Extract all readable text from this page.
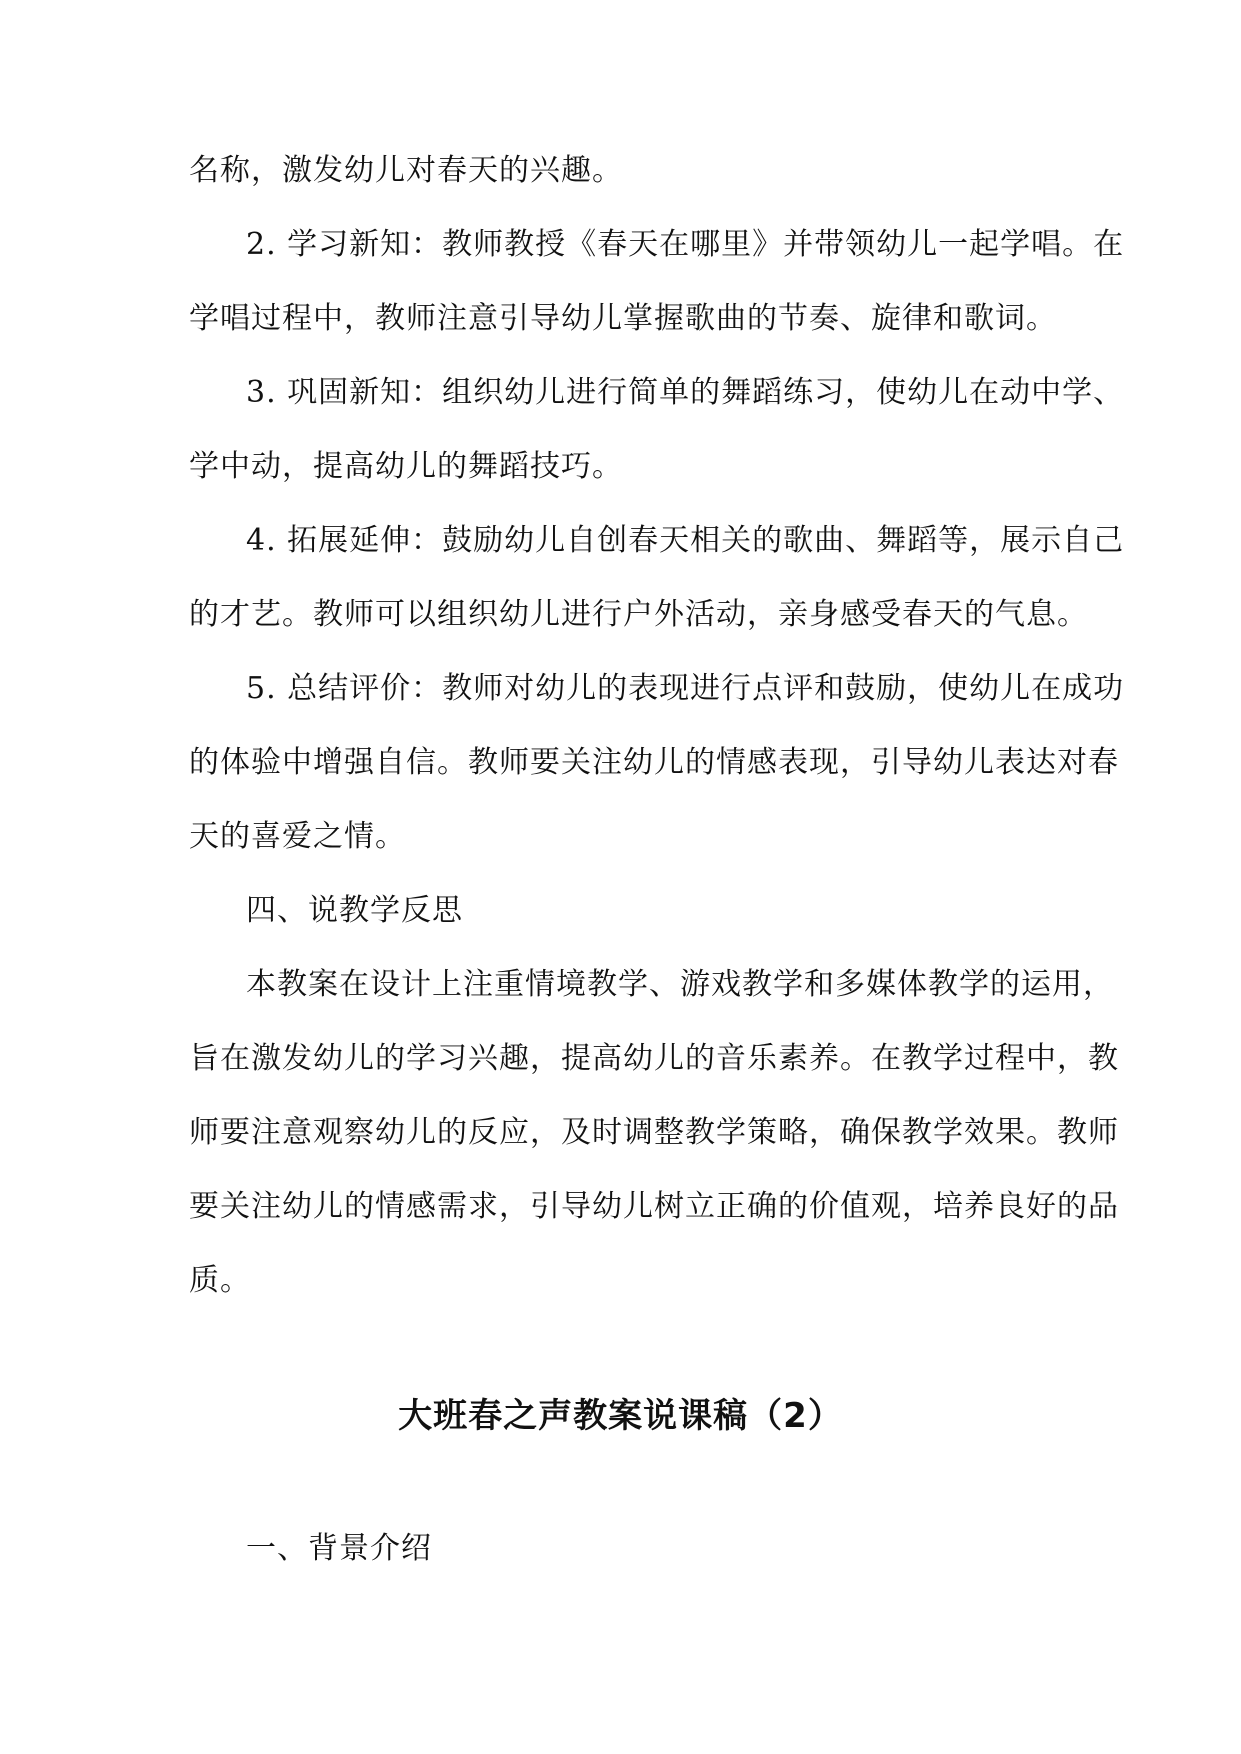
名称，激发幼儿对春天的兴趣。
2. 学习新知：教师教授《春天在哪里》并带领幼儿一起学唱。在
学唱过程中，教师注意引导幼儿掌握歌曲的节奏、旋律和歌词。
3. 巩固新知：组织幼儿进行简单的舞蹈练习，使幼儿在动中学、
学中动，提高幼儿的舞蹈技巧。
4. 拓展延伸：鼓励幼儿自创春天相关的歌曲、舞蹈等，展示自己
的才艺。教师可以组织幼儿进行户外活动，亲身感受春天的气息。
5. 总结评价：教师对幼儿的表现进行点评和鼓励，使幼儿在成功
的体验中增强自信。教师要关注幼儿的情感表现，引导幼儿表达对春
天的喜爱之情。
四、说教学反思
本教案在设计上注重情境教学、游戏教学和多媒体教学的运用，
旨在激发幼儿的学习兴趣，提高幼儿的音乐素养。在教学过程中，教
师要注意观察幼儿的反应，及时调整教学策略，确保教学效果。教师
要关注幼儿的情感需求，引导幼儿树立正确的价值观，培养良好的品
质。
大班春之声教案说课稿（2）
一、背景介绍
